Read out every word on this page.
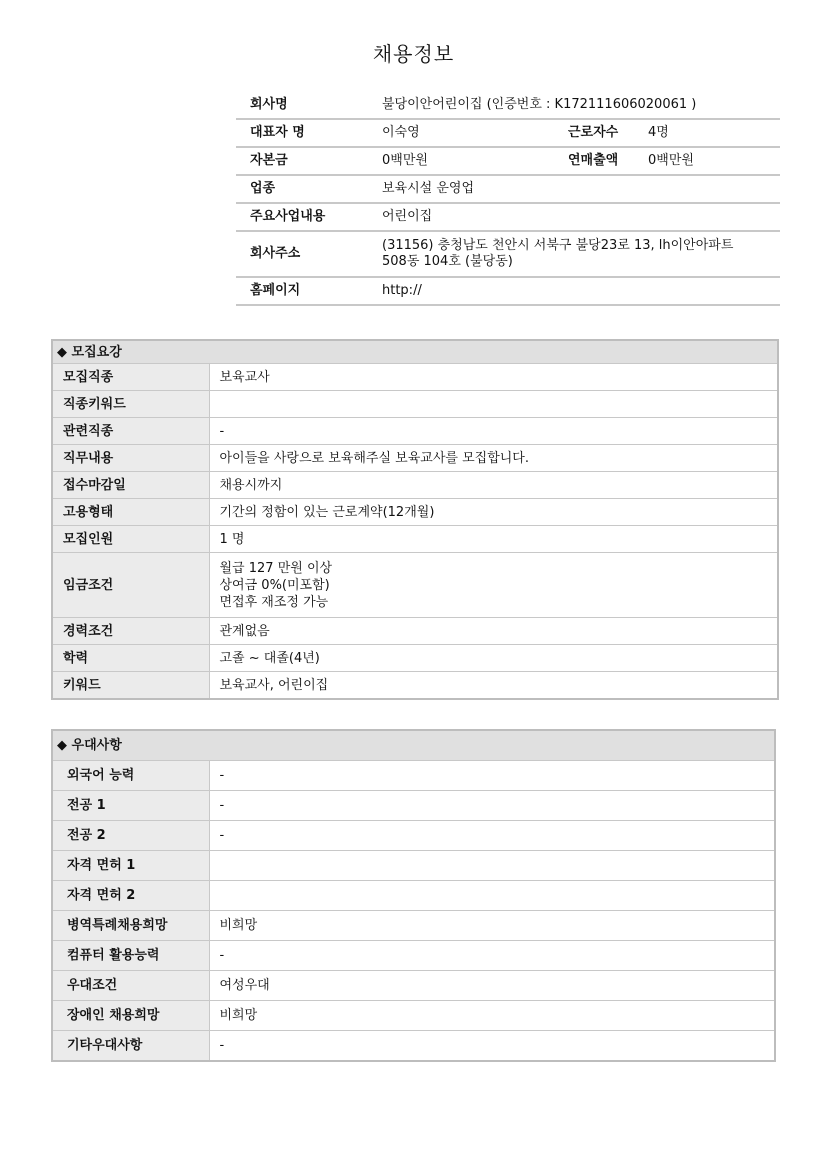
채용정보
회사명	불당이안어린이집 (인증번호 : K172111606020061 )		
대표자 명	이숙영	근로자수	4명
자본금	0백만원	연매출액	0백만원
업종	보육시설 운영업		
주요사업내용	어린이집		
회사주소	(31156) 충청남도 천안시 서북구 불당23로 13, lh이안아파트
508동 104호 (불당동)		

홈페이지	http://		
◆ 모집요강	
모집직종	보육교사
직종키워드	
관련직종	-
직무내용	아이들을 사랑으로 보육해주실 보육교사를 모집합니다.
접수마감일	채용시까지
고용형태	기간의 정함이 있는 근로계약(12개월)
모집인원	1 명
임금조건	월급 127 만원 이상
상여금 0%(미포함)
면접후 재조정 가능

경력조건	관계없음
학력	고졸 ~ 대졸(4년)
키워드	보육교사, 어린이집
◆ 우대사항	
외국어 능력	-
전공 1	-
전공 2	-
자격 면허 1	
자격 면허 2	
병역특례채용희망	비희망
컴퓨터 활용능력	-
우대조건	여성우대
장애인 채용희망	비희망
기타우대사항	-
